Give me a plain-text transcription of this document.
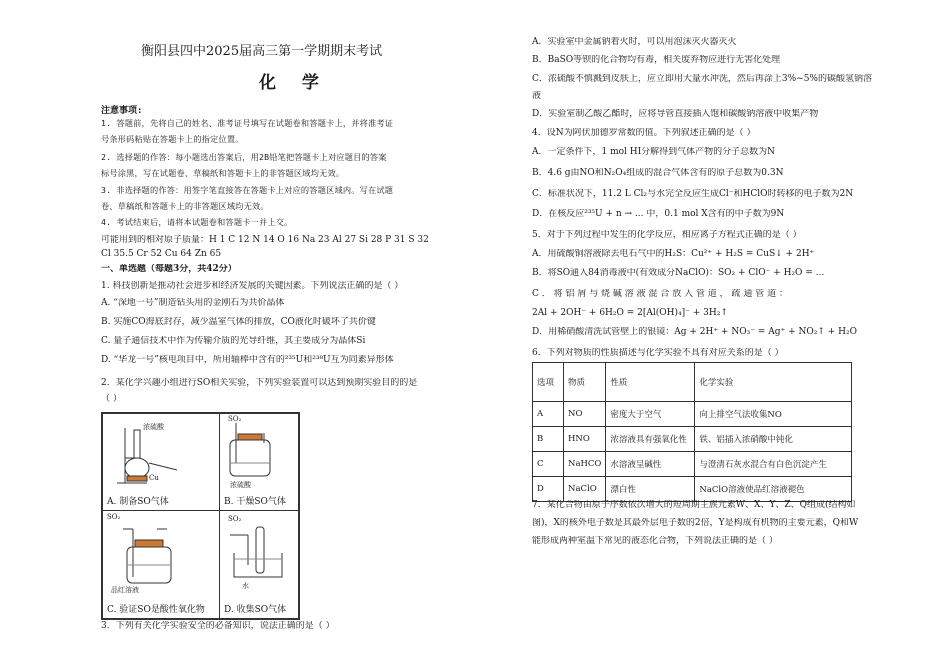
衡阳县四中2025届高三第一学期期末考试
化 学
注意事项:
1. 答题前，先将自己的姓名、准考证号填写在试题卷和答题卡上，并将准考证
号条形码粘贴在答题卡上的指定位置。
2. 选择题的作答：每小题选出答案后，用2B铅笔把答题卡上对应题目的答案
标号涂黑，写在试题卷、草稿纸和答题卡上的非答题区域均无效。
3. 非选择题的作答：用签字笔直接答在答题卡上对应的答题区域内。写在试题
卷、草稿纸和答题卡上的非答题区域均无效。
4. 考试结束后，请将本试题卷和答题卡一并上交。
可能用到的相对原子质量：H 1 C 12 N 14 O 16 Na 23 Al 27 Si 28 P 31 S 32
Cl 35.5 Cr 52 Cu 64 Zn 65
一、单选题（每题3分，共42分）
1. 科技创新是推动社会进步和经济发展的关键因素。下列说法正确的是（ ）
A. “深地一号”制造钻头用的金刚石为共价晶体
B. 实施CO海底封存，减少温室气体的排放，CO液化时破坏了共价键
C. 量子通信技术中作为传输介质的光导纤维，其主要成分为晶体Si
D. “华龙一号”核电项目中，所用轴棒中含有的²³⁵U和²³⁸U互为同素异形体
2．某化学兴趣小组进行SO相关实验，下列实验装置可以达到预期实验目的的是
（ ）
浓硫酸
Cu
A. 制备SO气体
SO₂
浓硫酸
B. 干燥SO气体
SO₂
品红溶液
C. 验证SO是酸性氧化物
SO₂
水
D. 收集SO气体
3．下列有关化学实验安全的必备知识，说法正确的是（ ）
A．实验室中金属钠着火时，可以用泡沫灭火器灭火
B．BaSO等钡的化合物均有毒，相关废弃物应进行无害化处理
C．浓硫酸不慎溅到皮肤上，应立即用大量水冲洗，然后再涂上3%~5%的碳酸氢钠溶
液
D．实验室制乙酸乙酯时，应将导管直接插入饱和碳酸钠溶液中收集产物
4．设N为阿伏加德罗常数的值。下列叙述正确的是（ ）
A．一定条件下，1 mol HI分解得到气体产物的分子总数为N
B．4.6 g由NO和N₂O₄组成的混合气体含有的原子总数为0.3N
C．标准状况下，11.2 L Cl₂与水完全反应生成Cl⁻和HClO时转移的电子数为2N
D．在核反应²³⁵U + n → ... 中，0.1 mol X含有的中子数为9N
5．对于下列过程中发生的化学反应，相应离子方程式正确的是（ ）
A．用硫酸铜溶液除去电石气中的H₂S：Cu²⁺ + H₂S = CuS↓ + 2H⁺
B．将SO通入84消毒液中(有效成分NaClO)：SO₂ + ClO⁻ + H₂O = ...
C ． 将 铝 屑 与 烧 碱 溶 液 混 合 放 入 管 道 ， 疏 通 管 道 ：
2Al + 2OH⁻ + 6H₂O = 2[Al(OH)₄]⁻ + 3H₂↑
D．用稀硝酸清洗试管壁上的银镜：Ag + 2H⁺ + NO₃⁻ = Ag⁺ + NO₂↑ + H₂O
6．下列对物质的性质描述与化学实验不具有对应关系的是（ ）
选项	物质	性质	化学实验
A	NO	密度大于空气	向上排空气法收集NO
B	HNO	浓溶液具有强氧化性	铁、铝插入浓硝酸中钝化
C	NaHCO	水溶液呈碱性	与澄清石灰水混合有白色沉淀产生
D	NaClO	漂白性	NaClO溶液使品红溶液褪色
7．某化合物由原子序数依次增大的短周期主族元素W、X、Y、Z、Q组成(结构如
图)，X的核外电子数是其最外层电子数的2倍，Y是构成有机物的主要元素，Q和W
能形成两种室温下常见的液态化合物，下列说法正确的是（ ）
